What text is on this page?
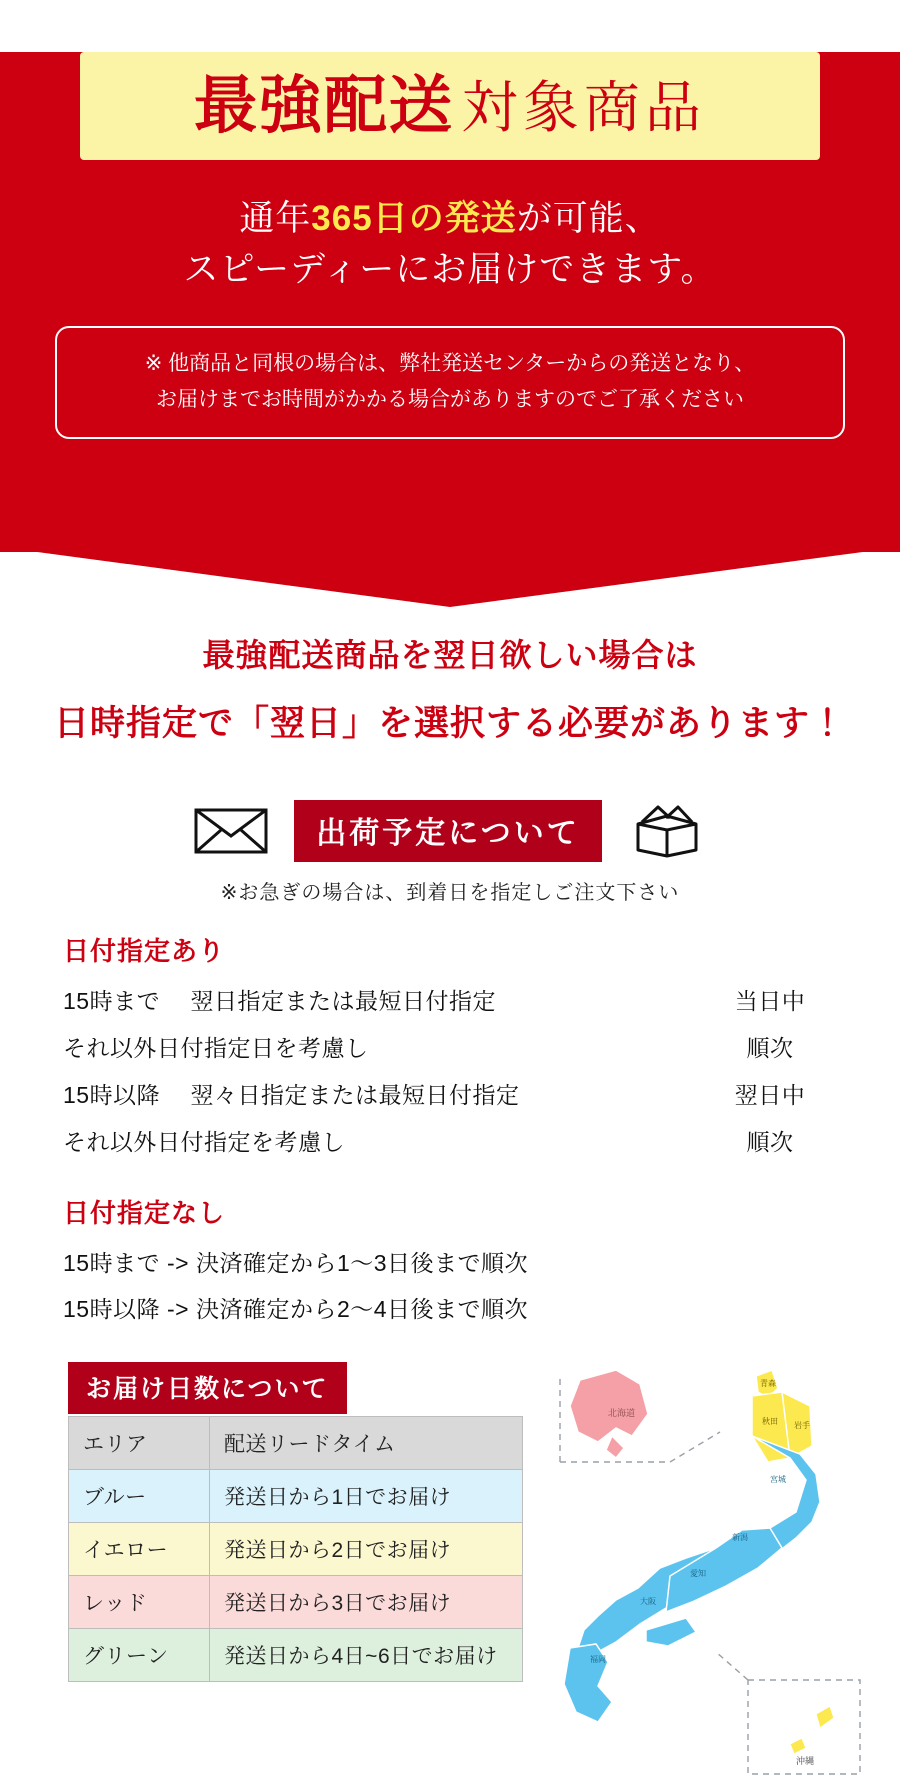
最強配送 対象商品
通年365日の発送が可能、
スピーディーにお届けできます。
※ 他商品と同根の場合は、弊社発送センターからの発送となり、
お届けまでお時間がかかる場合がありますのでご了承ください
最強配送商品を翌日欲しい場合は
日時指定で「翌日」を選択する必要があります！
出荷予定について
※お急ぎの場合は、到着日を指定しご注文下さい
日付指定あり
15時まで　 翌日指定または最短日付指定	当日中
それ以外日付指定日を考慮し	順次
15時以降　 翌々日指定または最短日付指定	翌日中
それ以外日付指定を考慮し	順次
日付指定なし
15時まで -> 決済確定から1〜3日後まで順次
15時以降 -> 決済確定から2〜4日後まで順次
お届け日数について
エリア	配送リードタイム
ブルー	発送日から1日でお届け
イエロー	発送日から2日でお届け
レッド	発送日から3日でお届け
グリーン	発送日から4日~6日でお届け
沖縄
北海道
青森
秋田 岩手
宮城
新潟
愛知
大阪
福岡
